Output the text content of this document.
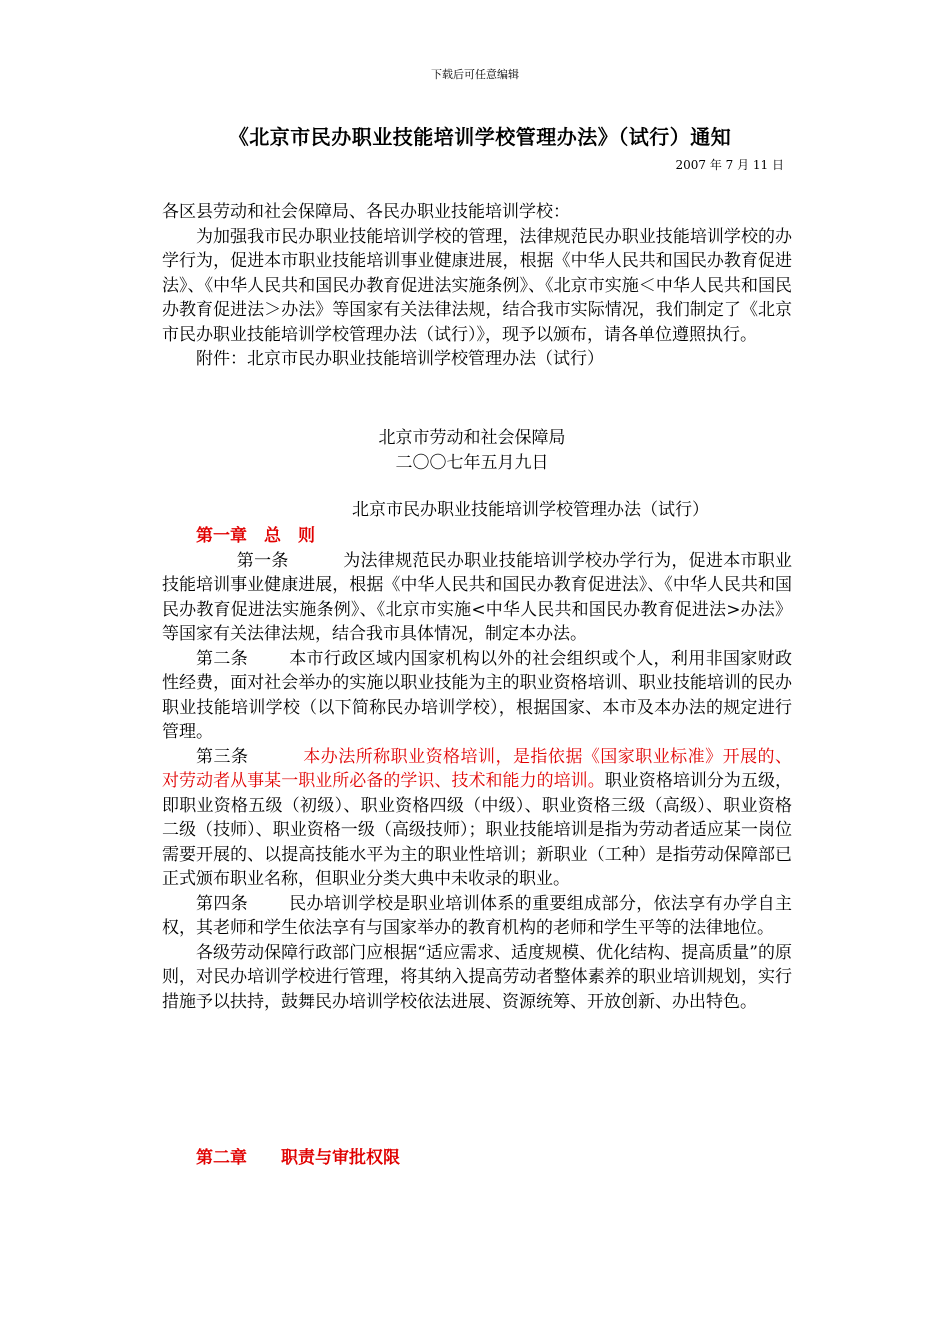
下载后可任意编辑
《北京市民办职业技能培训学校管理办法》（试行）通知
2007 年 7 月 11 日

各区县劳动和社会保障局、各民办职业技能培训学校：

为加强我市民办职业技能培训学校的管理，法律规范民办职业技能培训学校的办学行为，促进本市职业技能培训事业健康进展，根据《中华人民共和国民办教育促进法》、《中华人民共和国民办教育促进法实施条例》、《北京市实施＜中华人民共和国民办教育促进法＞办法》等国家有关法律法规，结合我市实际情况，我们制定了《北京市民办职业技能培训学校管理办法（试行）》，现予以颁布，请各单位遵照执行。

附件：北京市民办职业技能培训学校管理办法（试行）

北京市劳动和社会保障局
二〇〇七年五月九日
北京市民办职业技能培训学校管理办法（试行）

第一章　总　则

第一条	为法律规范民办职业技能培训学校办学行为，促进本市职业技能培训事业健康进展，根据《中华人民共和国民办教育促进法》、《中华人民共和国民办教育促进法实施条例》、《北京市实施<中华人民共和国民办教育促进法>办法》等国家有关法律法规，结合我市具体情况，制定本办法。

第二条 本市行政区域内国家机构以外的社会组织或个人，利用非国家财政性经费，面对社会举办的实施以职业技能为主的职业资格培训、职业技能培训的民办职业技能培训学校（以下简称民办培训学校），根据国家、本市及本办法的规定进行管理。

第三条	本办法所称职业资格培训，是指依据《国家职业标准》开展的、对劳动者从事某一职业所必备的学识、技术和能力的培训。职业资格培训分为五级，即职业资格五级（初级）、职业资格四级（中级）、职业资格三级（高级）、职业资格二级（技师）、职业资格一级（高级技师）；职业技能培训是指为劳动者适应某一岗位需要开展的、以提高技能水平为主的职业性培训；新职业（工种）是指劳动保障部已正式颁布职业名称，但职业分类大典中未收录的职业。

第四条 民办培训学校是职业培训体系的重要组成部分，依法享有办学自主权，其老师和学生依法享有与国家举办的教育机构的老师和学生平等的法律地位。

各级劳动保障行政部门应根据“适应需求、适度规模、优化结构、提高质量”的原则，对民办培训学校进行管理，将其纳入提高劳动者整体素养的职业培训规划，实行措施予以扶持，鼓舞民办培训学校依法进展、资源统筹、开放创新、办出特色。

第二章　　职责与审批权限
